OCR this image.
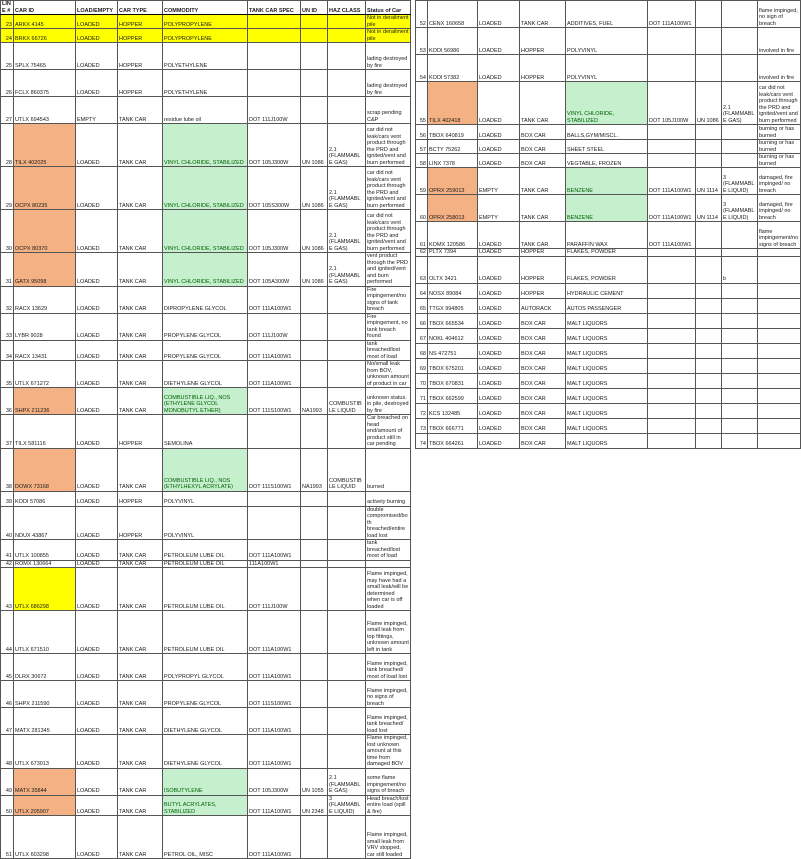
LINE #	CAR ID	LOAD/EMPTY	CAR TYPE	COMMODITY	TANK CAR SPEC	UN ID	HAZ CLASS	Status of Car
23	ARKX 4145	LOADED	HOPPER	POLYPROPYLENE				Not in derailment pile
24	BRKX 66726	LOADED	HOPPER	POLYPROPYLENE				Not in derailment pile
25	SPLX 75465	LOADED	HOPPER	POLYETHYLENE				lading destroyed by fire
26	FCLX 860375	LOADED	HOPPER	POLYETHYLENE				lading destroyed by fire
27	UTLX 694543	EMPTY	TANK CAR	residue lube oil	DOT 111J100W			scrap pending C&P
28	TILX 402025	LOADED	TANK CAR	VINYL CHLORIDE, STABILIZED	DOT 105J300W	UN 1086	2.1 (FLAMMABLE GAS)	car did not leak/cars vent product through the PRD and ignited/vent and burn performed
29	OCPX 80235	LOADED	TANK CAR	VINYL CHLORIDE, STABILIZED	DOT 105S300W	UN 1086	2.1 (FLAMMABLE GAS)	car did not leak/cars vent product through the PRD and ignited/vent and burn performed
30	OCPX 80370	LOADED	TANK CAR	VINYL CHLORIDE, STABILIZED	DOT 105J300W	UN 1086	2.1 (FLAMMABLE GAS)	car did not leak/cars vent product through the PRD and ignited/vent and burn performed
31	GATX 95098	LOADED	TANK CAR	VINYL CHLORIDE, STABILIZED	DOT 105A300W	UN 1086	2.1 (FLAMMABLE GAS)	vent product through the PRD and ignited/vent and burn performed
32	RACX 13629	LOADED	TANK CAR	DIPROPYLENE GLYCOL	DOT 111A100W1			Fire impingement/no signs of tank breach
33	LYBR 9028	LOADED	TANK CAR	PROPYLENE GLYCOL	DOT 111J100W			Fire impingement, no tank breach found
34	RACX 13431	LOADED	TANK CAR	PROPYLENE GLYCOL	DOT 111A100W1			tank breached/lost most of load
35	UTLX 671272	LOADED	TANK CAR	DIETHYLENE GLYCOL	DOT 111A100W1			No/small leak from BOV, unknown amount of product in car
36	SHPX 211236	LOADED	TANK CAR	COMBUSTIBLE LIQ., NOS (ETHYLENE GLYCOL MONOBUTYL ETHER)	DOT 111S100W1	NA1993	COMBUSTIBLE LIQUID	unknown status. in pile, destroyed by fire
37	TILX 581116	LOADED	HOPPER	SEMOLINA				Car breached on head end/amount of product still in car pending
38	DOWX 73168	LOADED	TANK CAR	COMBUSTIBLE LIQ., NOS (ETHYLHEXYL ACRYLATE)	DOT 111S100W1	NA1993	COMBUSTIBLE LIQUID	burned
39	KODI 57086	LOADED	HOPPER	POLYVINYL				actively burning
40	NDUX 43867	LOADED	HOPPER	POLYVINYL				double compromised/both breached/entire load lost
41	UTLX 100855	LOADED	TANK CAR	PETROLEUM LUBE OIL	DOT 111A100W1			tank breached/lost most of load
42	ROMX 130664	LOADED	TANK CAR	PETROLEUM LUBE OIL	111A100W1			
43	UTLX 686298	LOADED	TANK CAR	PETROLEUM LUBE OIL	DOT 111J100W			Flame impinged, may have had a small leak/will be determined when car is off loaded
44	UTLX 671510	LOADED	TANK CAR	PETROLEUM LUBE OIL	DOT 111A100W1			Flame impinged, small leak from top fittings, unknown amount left in tank
45	DLRX 30672	LOADED	TANK CAR	POLYPROPYL GLYCOL	DOT 111A100W1			Flame impinged, tank breached/ most of load lost
46	SHPX 211590	LOADED	TANK CAR	PROPYLENE GLYCOL	DOT 111S100W1			Flame impinged, no signs of breach
47	MATX 281345	LOADED	TANK CAR	DIETHYLENE GLYCOL	DOT 111A100W1			Flame impinged, tank breached/ load lost
48	UTLX 673013	LOADED	TANK CAR	DIETHYLENE GLYCOL	DOT 111A100W1			Flame impinged, lost unknown amount at this time from damaged BOV
49	MATX 35844	LOADED	TANK CAR	ISOBUTYLENE	DOT 105J300W	UN 1055	2.1 (FLAMMABLE GAS)	some flame impingement/no signs of breach
50	UTLX 205907	LOADED	TANK CAR	BUTYL ACRYLATES, STABILIZED	DOT 111A100W1	UN 2348	3 (FLAMMABLE LIQUID)	Head breach/lost entire load (spill & fire)
51	UTLX 603298	LOADED	TANK CAR	PETROL OIL, MISC	DOT 111A100W1			Flame impinged, small leak from VRV stopped, car still loaded
52	CENX 160658	LOADED	TANK CAR	ADDITIVES, FUEL	DOT 111A100W1			flame impinged, no sign of breach
53	KODI 56986	LOADED	HOPPER	POLYVINYL				involved in fire
54	KODI 57382	LOADED	HOPPER	POLYVINYL				involved in fire
55	TILX 402418	LOADED	TANK CAR	VINYL CHLORIDE, STABILIZED	DOT 105J100W	UN 1086	2.1 (FLAMMABLE GAS)	car did not leak/cars vent product through the PRD and ignited/vent and burn performed
56	TBOX 640819	LOADED	BOX CAR	BALLS,GYM/MISCL.				burning or has burned
57	BCTY 75262	LOADED	BOX CAR	SHEET STEEL				burning or has burned
58	LINX 7378	LOADED	BOX CAR	VEGTABLE, FROZEN				burning or has burned
59	OPRX 259013	EMPTY	TANK CAR	BENZENE	DOT 111A100W1	UN 1114	3 (FLAMMABLE LIQUID)	damaged, fire impinged/ no breach
60	OPRX 258013	EMPTY	TANK CAR	BENZENE	DOT 111A100W1	UN 1114	3 (FLAMMABLE LIQUID)	damaged, fire impinged/ no breach
61	KOMX 120586	LOADED	TANK CAR	PARAFFIN WAX	DOT 111A100W1			flame impingement/no signs of breach
62	PLTX 7394	LOADED	HOPPER	FLAKES, POWDER				
63	OLTX 3421	LOADED	HOPPER	FLAKES, POWDER			b	
64	NOSX 89084	LOADED	HOPPER	HYDRAULIC CEMENT				
65	TTGX 994805	LOADED	AUTORACK	AUTOS PASSENGER				
66	TBOX 665534	LOADED	BOX CAR	MALT LIQUORS				
67	NOKL 404612	LOADED	BOX CAR	MALT LIQUORS				
68	NS 472751	LOADED	BOX CAR	MALT LIQUORS				
69	TBOX 675201	LOADED	BOX CAR	MALT LIQUORS				
70	TBOX 670831	LOADED	BOX CAR	MALT LIQUORS				
71	TBOX 662599	LOADED	BOX CAR	MALT LIQUORS				
72	KCS 132485	LOADED	BOX CAR	MALT LIQUORS				
73	TBOX 666771	LOADED	BOX CAR	MALT LIQUORS				
74	TBOX 664261	LOADED	BOX CAR	MALT LIQUORS				
